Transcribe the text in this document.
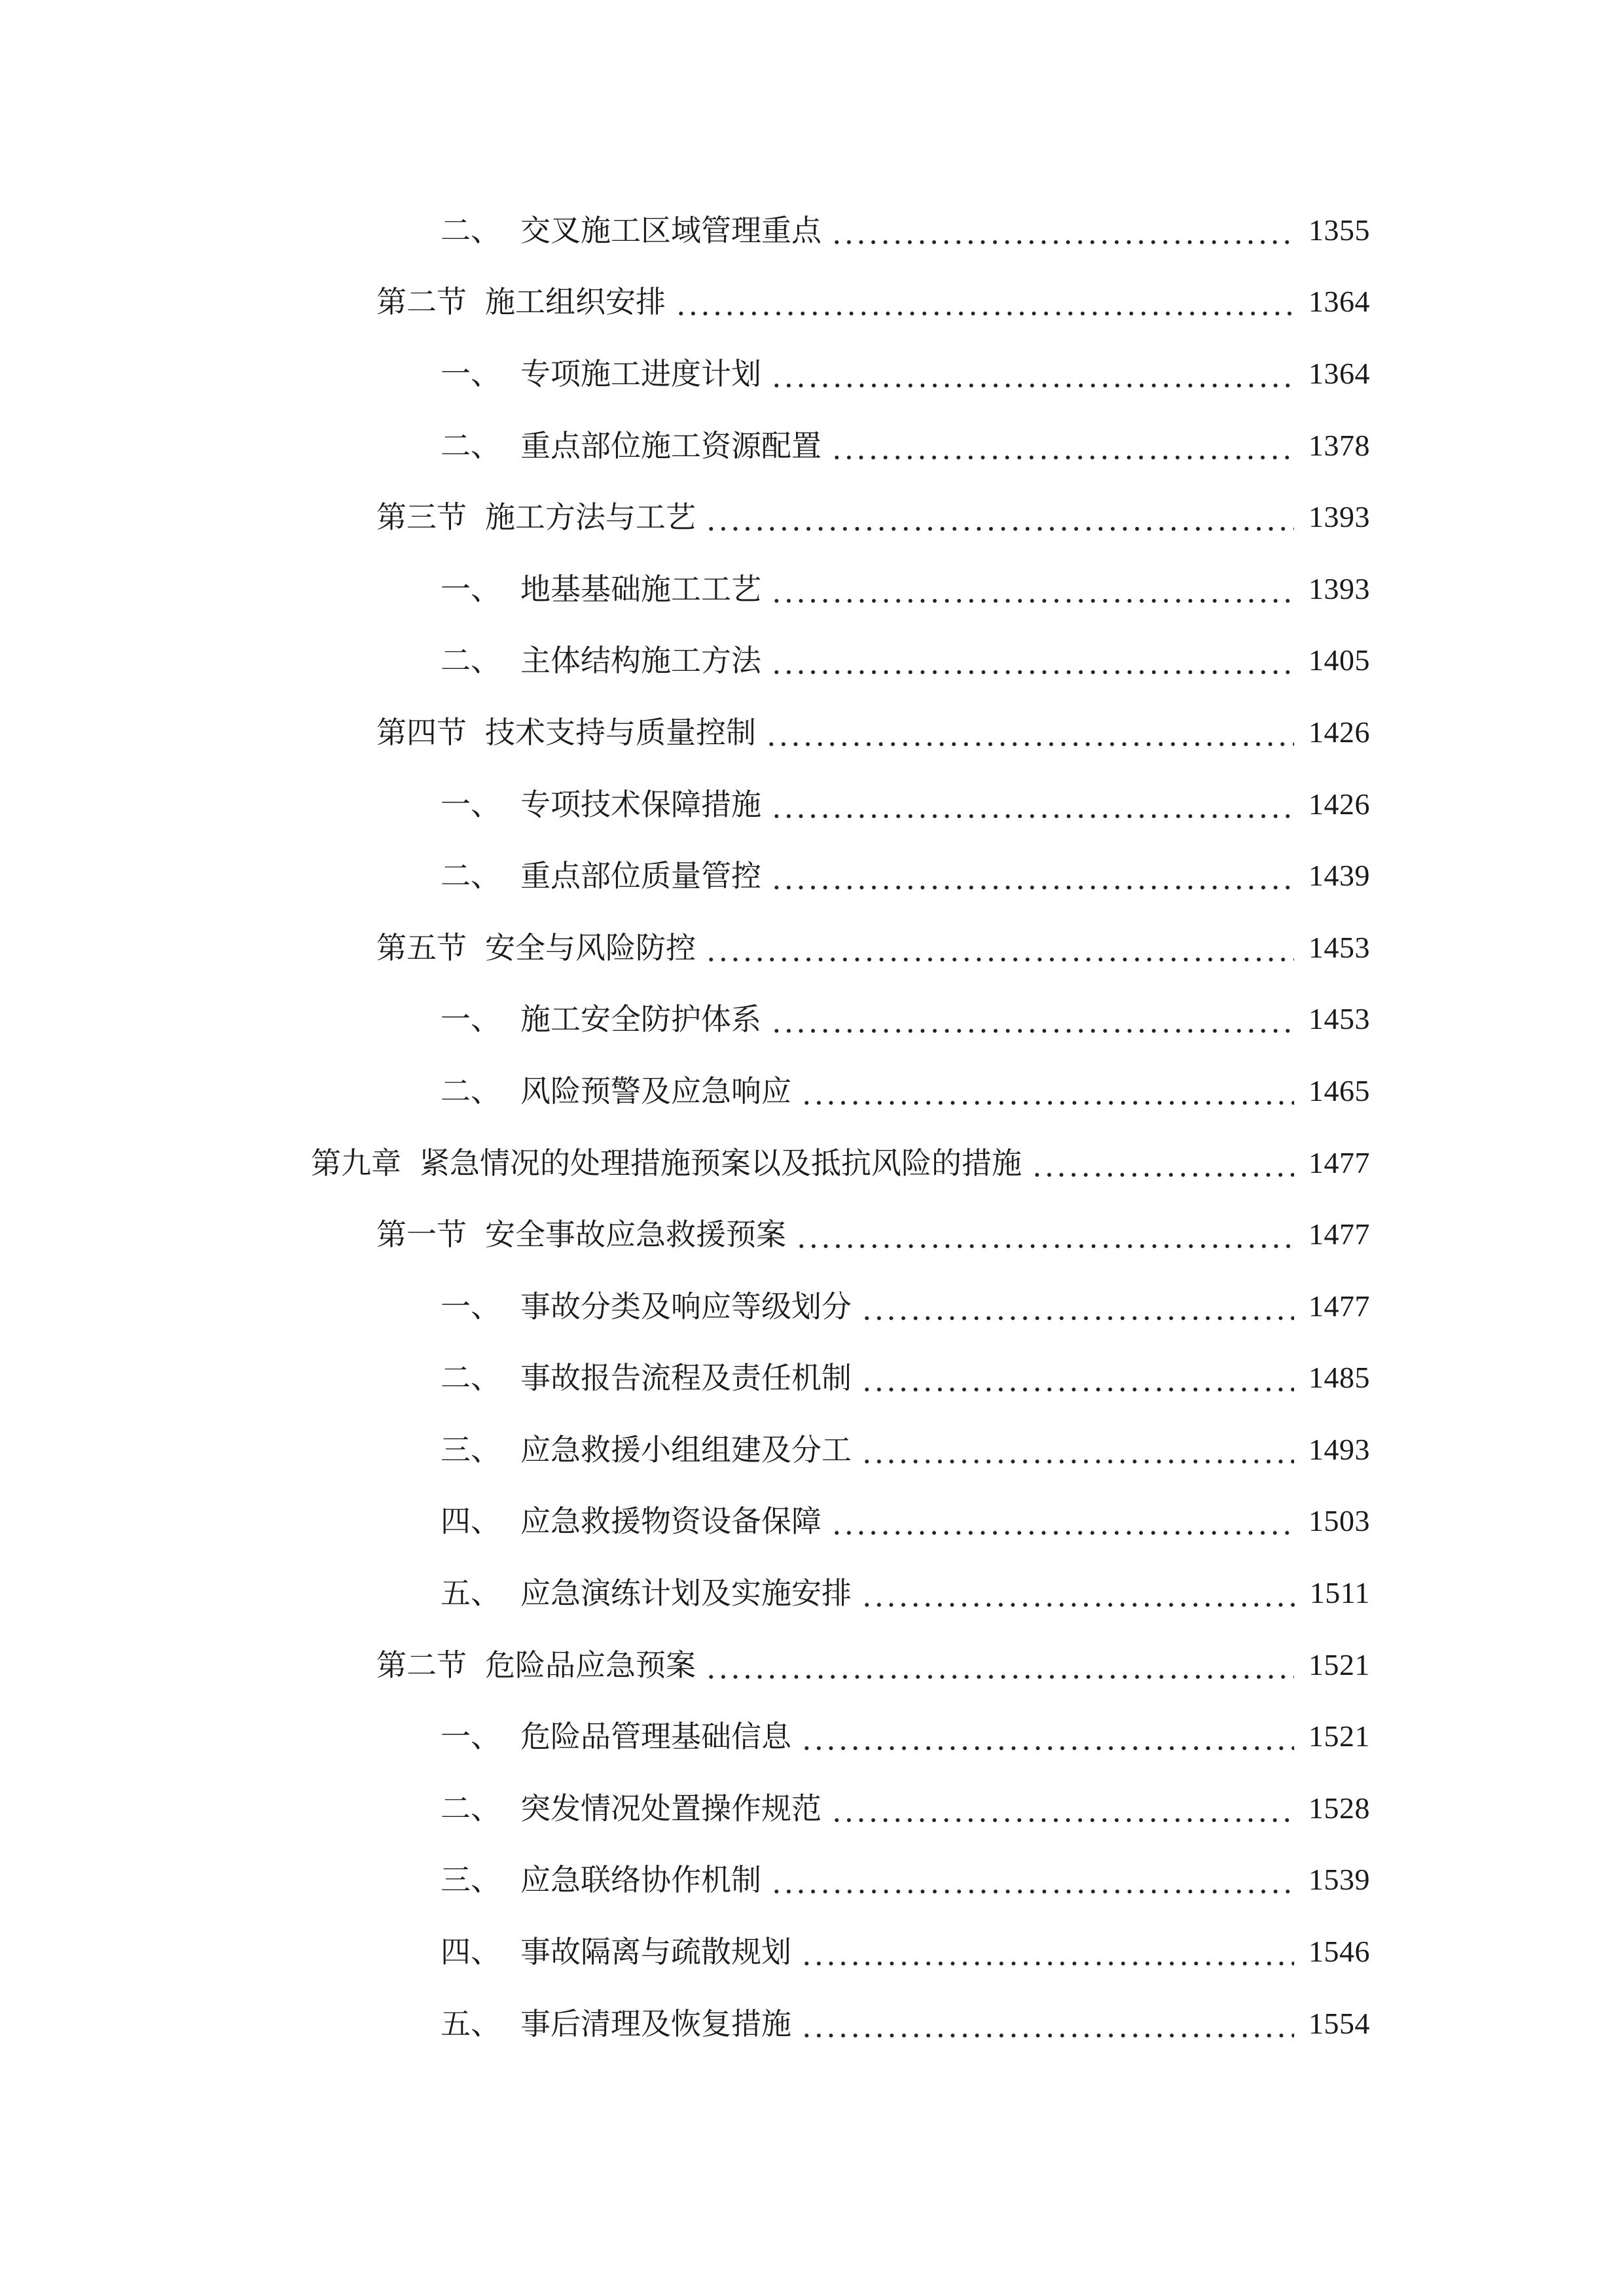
二、 交叉施工区域管理重点	1355
第二节 施工组织安排	1364
一、 专项施工进度计划	1364
二、 重点部位施工资源配置	1378
第三节 施工方法与工艺	1393
一、 地基基础施工工艺	1393
二、 主体结构施工方法	1405
第四节 技术支持与质量控制	1426
一、 专项技术保障措施	1426
二、 重点部位质量管控	1439
第五节 安全与风险防控	1453
一、 施工安全防护体系	1453
二、 风险预警及应急响应	1465
第九章 紧急情况的处理措施预案以及抵抗风险的措施	1477
第一节 安全事故应急救援预案	1477
一、 事故分类及响应等级划分	1477
二、 事故报告流程及责任机制	1485
三、 应急救援小组组建及分工	1493
四、 应急救援物资设备保障	1503
五、 应急演练计划及实施安排	1511
第二节 危险品应急预案	1521
一、 危险品管理基础信息	1521
二、 突发情况处置操作规范	1528
三、 应急联络协作机制	1539
四、 事故隔离与疏散规划	1546
五、 事后清理及恢复措施	1554
